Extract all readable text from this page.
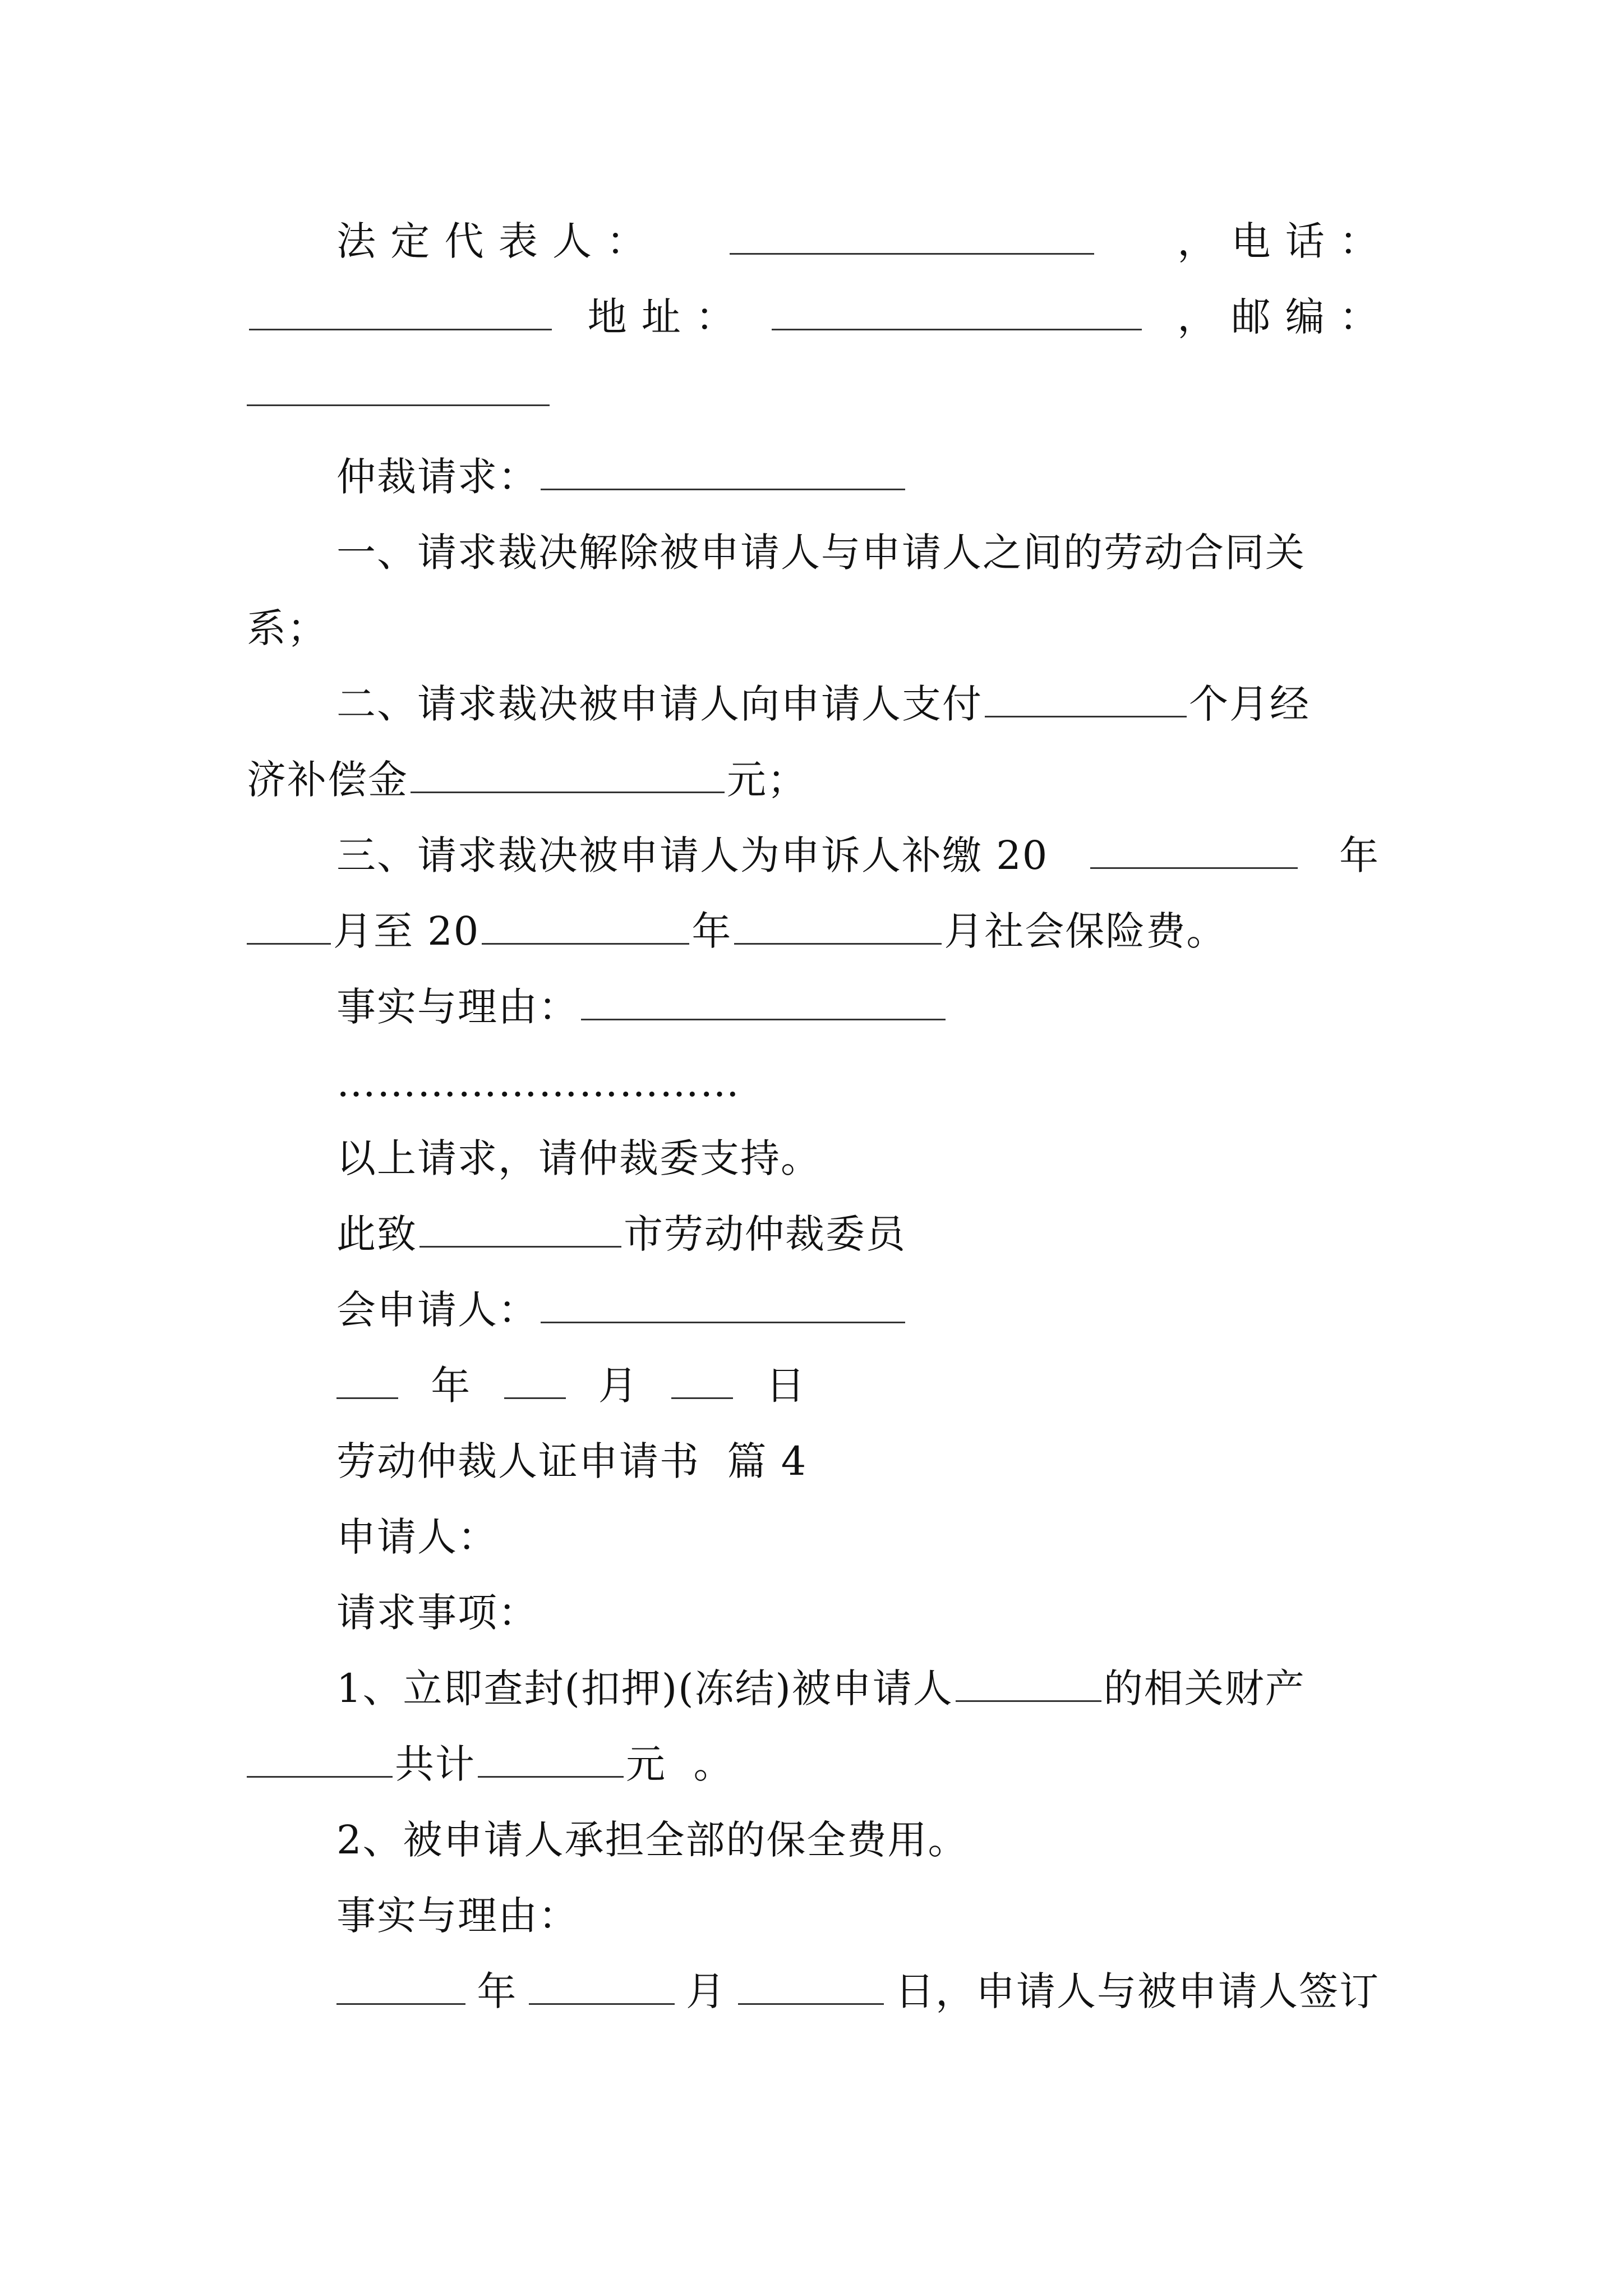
法 定 代 表 人 ：	， 电 话 ：
地 址 ：	， 邮 编 ：
仲裁请求：
一、请求裁决解除被申请人与申请人之间的劳动合同关
系；
二、请求裁决被申请人向申请人支付	个月经
济补偿金	元；
三、请求裁决被申请人为申诉人补缴 20	年
月至 20	年	月社会保险费。
事实与理由：
…………………………
以上请求，请仲裁委支持。
此致	市劳动仲裁委员
会申请人：
年	月	日
劳动仲裁人证申请书  篇 4
申请人：
请求事项：
1、立即查封(扣押)(冻结)被申请人	的相关财产
共计	元  。
2、被申请人承担全部的保全费用。
事实与理由：
年	月	日，申请人与被申请人签订
